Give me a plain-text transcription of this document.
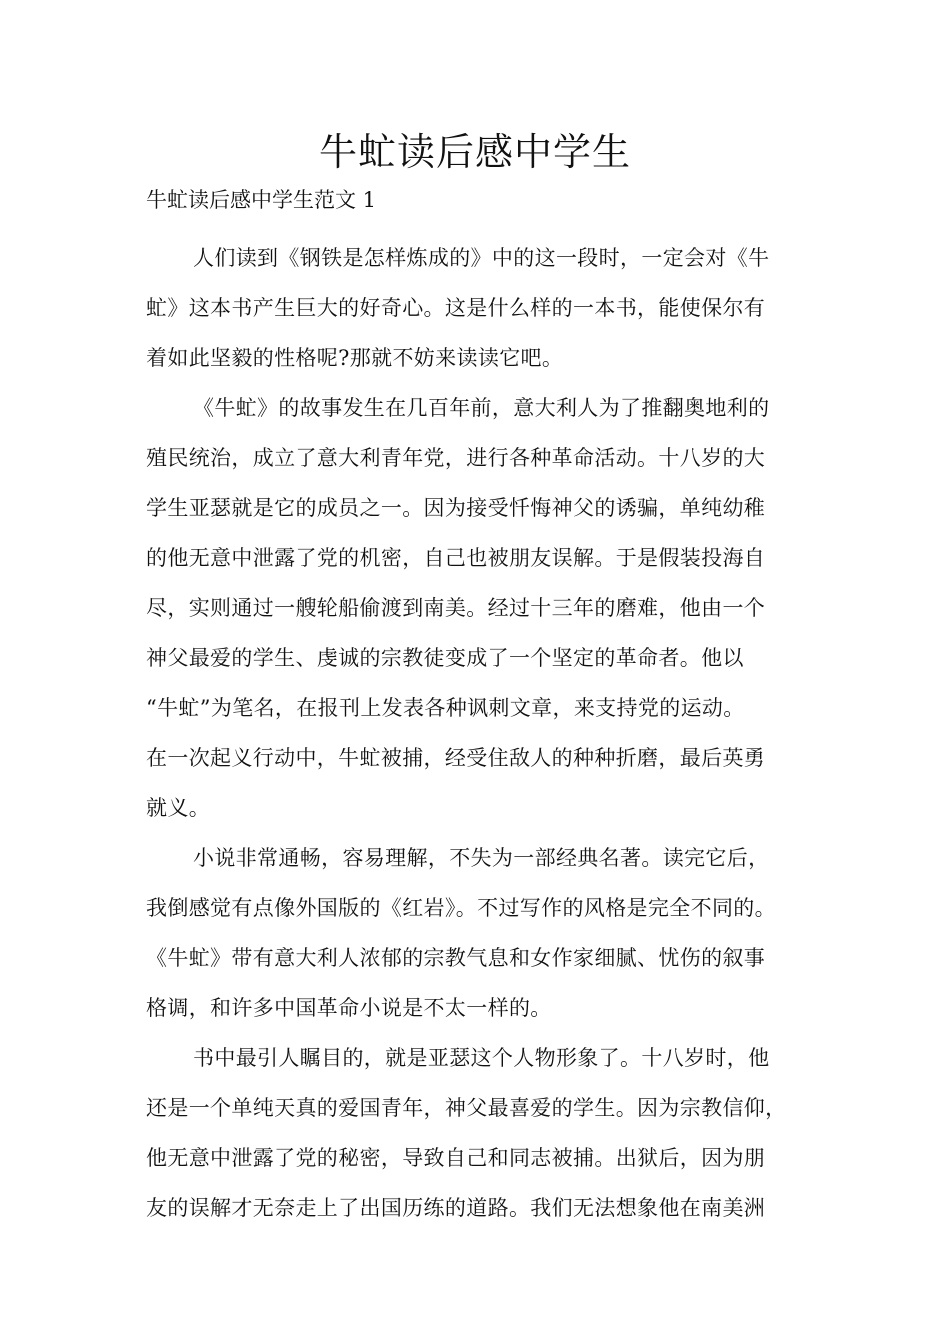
牛虻读后感中学生

牛虻读后感中学生范文 1

人们读到《钢铁是怎样炼成的》中的这一段时，一定会对《牛
虻》这本书产生巨大的好奇心。这是什么样的一本书，能使保尔有
着如此坚毅的性格呢?那就不妨来读读它吧。

《牛虻》的故事发生在几百年前，意大利人为了推翻奥地利的
殖民统治，成立了意大利青年党，进行各种革命活动。十八岁的大
学生亚瑟就是它的成员之一。因为接受忏悔神父的诱骗，单纯幼稚
的他无意中泄露了党的机密，自己也被朋友误解。于是假装投海自
尽，实则通过一艘轮船偷渡到南美。经过十三年的磨难，他由一个
神父最爱的学生、虔诚的宗教徒变成了一个坚定的革命者。他以
“牛虻”为笔名，在报刊上发表各种讽刺文章，来支持党的运动。
在一次起义行动中，牛虻被捕，经受住敌人的种种折磨，最后英勇
就义。

小说非常通畅，容易理解，不失为一部经典名著。读完它后，
我倒感觉有点像外国版的《红岩》。不过写作的风格是完全不同的。
《牛虻》带有意大利人浓郁的宗教气息和女作家细腻、忧伤的叙事
格调，和许多中国革命小说是不太一样的。

书中最引人瞩目的，就是亚瑟这个人物形象了。十八岁时，他
还是一个单纯天真的爱国青年，神父最喜爱的学生。因为宗教信仰，
他无意中泄露了党的秘密，导致自己和同志被捕。出狱后，因为朋
友的误解才无奈走上了出国历练的道路。我们无法想象他在南美洲
